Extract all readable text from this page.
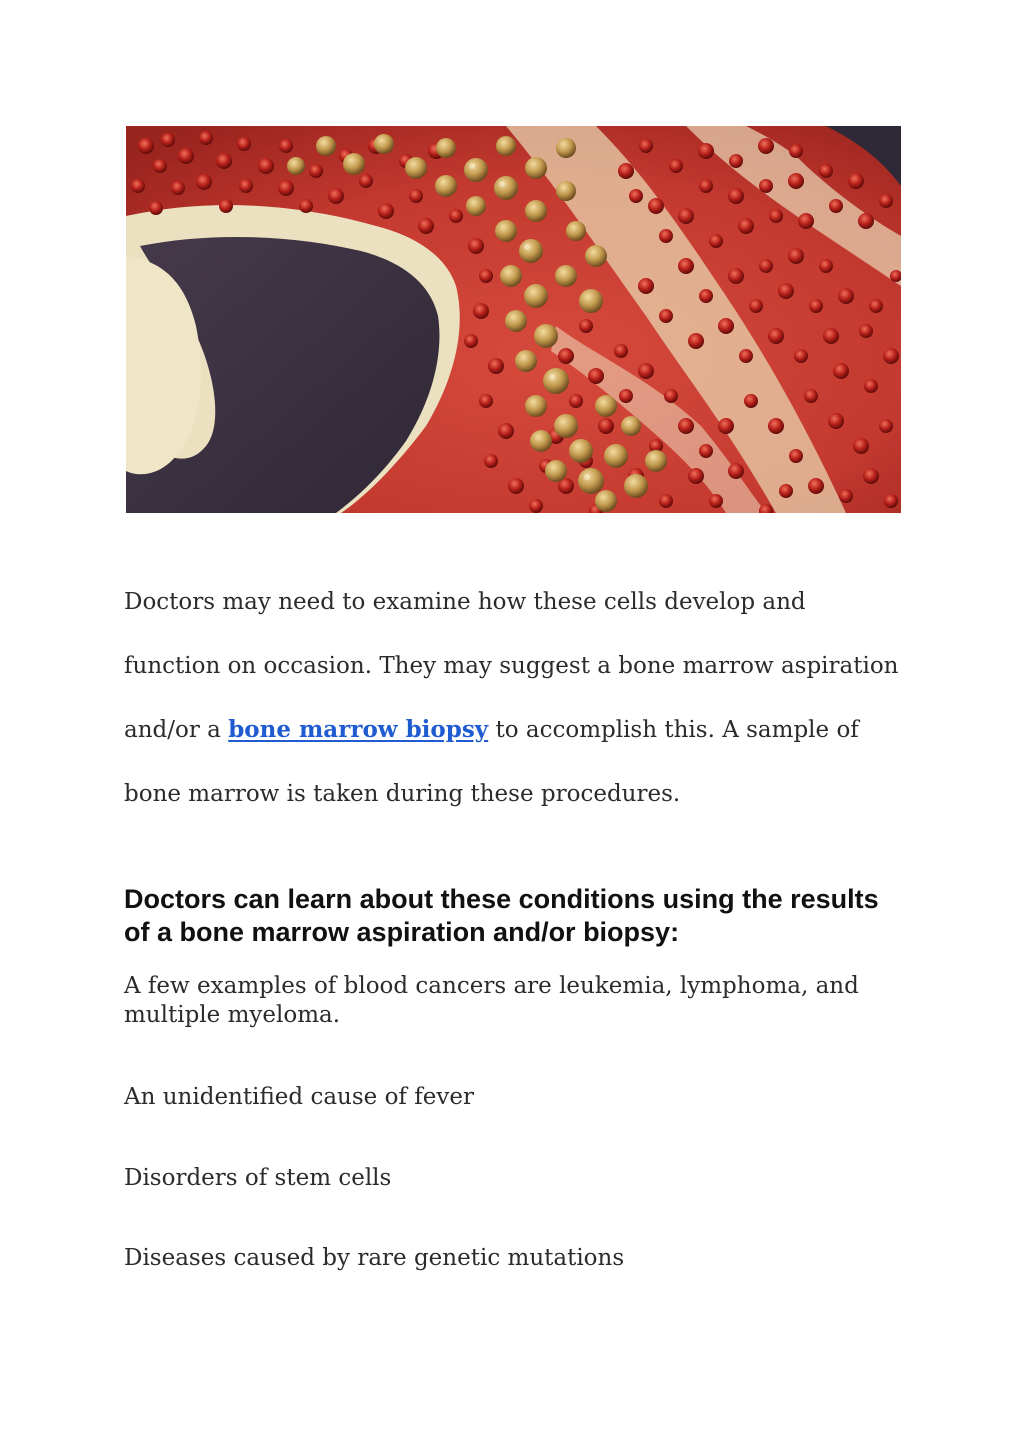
Doctors may need to examine how these cells develop and function on occasion. They may suggest a bone marrow aspiration and/or a bone marrow biopsy to accomplish this. A sample of bone marrow is taken during these procedures.

Doctors can learn about these conditions using the results of a bone marrow aspiration and/or biopsy:

A few examples of blood cancers are leukemia, lymphoma, and multiple myeloma.

An unidentified cause of fever

Disorders of stem cells

Diseases caused by rare genetic mutations
